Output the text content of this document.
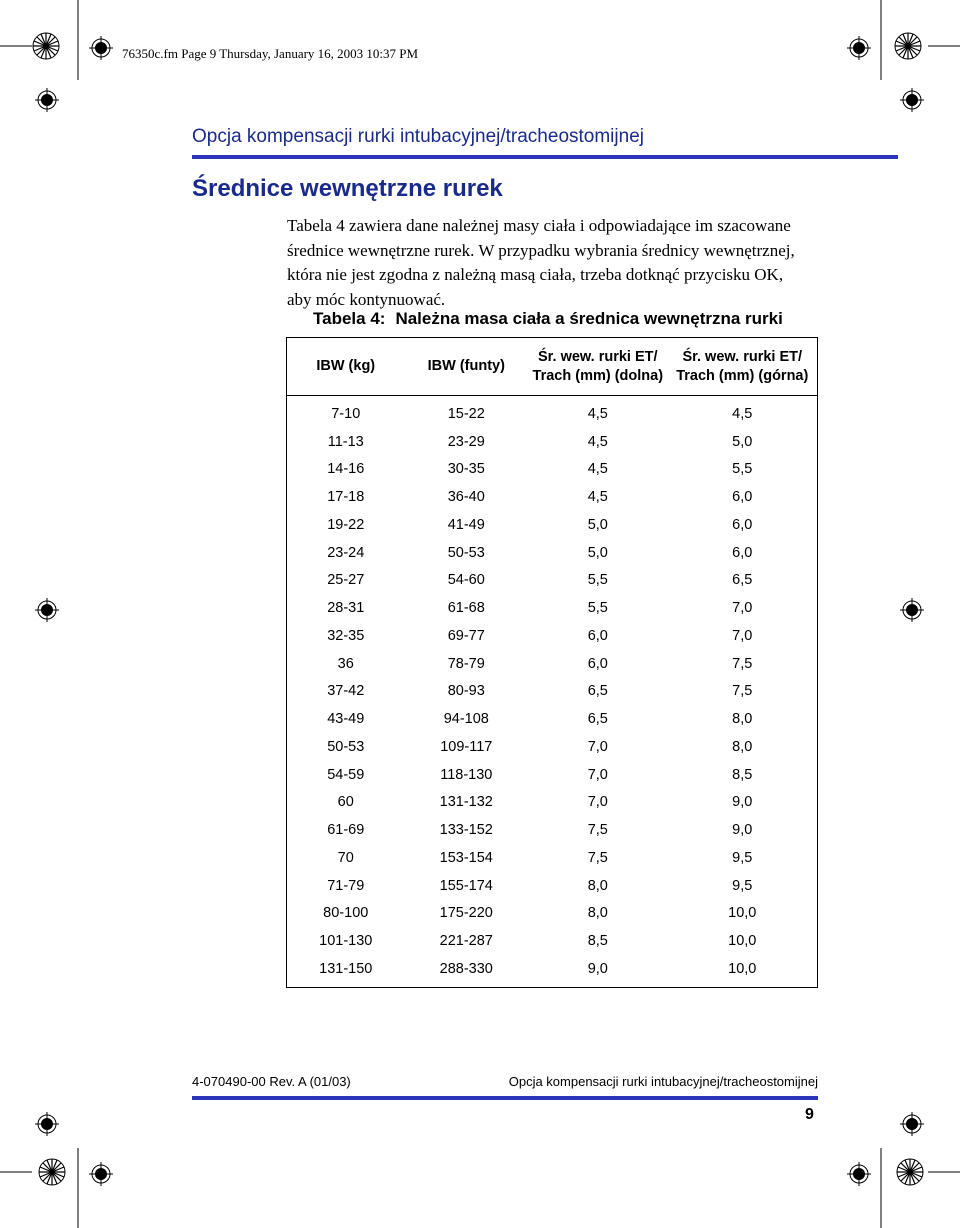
76350c.fm Page 9 Thursday, January 16, 2003 10:37 PM
Opcja kompensacji rurki intubacyjnej/tracheostomijnej
Średnice wewnętrzne rurek

Tabela 4 zawiera dane należnej masy ciała i odpowiadające im szacowane
średnice wewnętrzne rurek. W przypadku wybrania średnicy wewnętrznej,
która nie jest zgodna z należną masą ciała, trzeba dotknąć przycisku OK,
aby móc kontynuować.

Tabela 4: Należna masa ciała a średnica wewnętrzna rurki
IBW (kg)	IBW (funty)	Śr. wew. rurki ET/
Trach (mm) (dolna)	Śr. wew. rurki ET/
Trach (mm) (górna)
7-10	15-22	4,5	4,5
11-13	23-29	4,5	5,0
14-16	30-35	4,5	5,5
17-18	36-40	4,5	6,0
19-22	41-49	5,0	6,0
23-24	50-53	5,0	6,0
25-27	54-60	5,5	6,5
28-31	61-68	5,5	7,0
32-35	69-77	6,0	7,0
36	78-79	6,0	7,5
37-42	80-93	6,5	7,5
43-49	94-108	6,5	8,0
50-53	109-117	7,0	8,0
54-59	118-130	7,0	8,5
60	131-132	7,0	9,0
61-69	133-152	7,5	9,0
70	153-154	7,5	9,5
71-79	155-174	8,0	9,5
80-100	175-220	8,0	10,0
101-130	221-287	8,5	10,0
131-150	288-330	9,0	10,0
4-070490-00 Rev. A (01/03)	Opcja kompensacji rurki intubacyjnej/tracheostomijnej
9
